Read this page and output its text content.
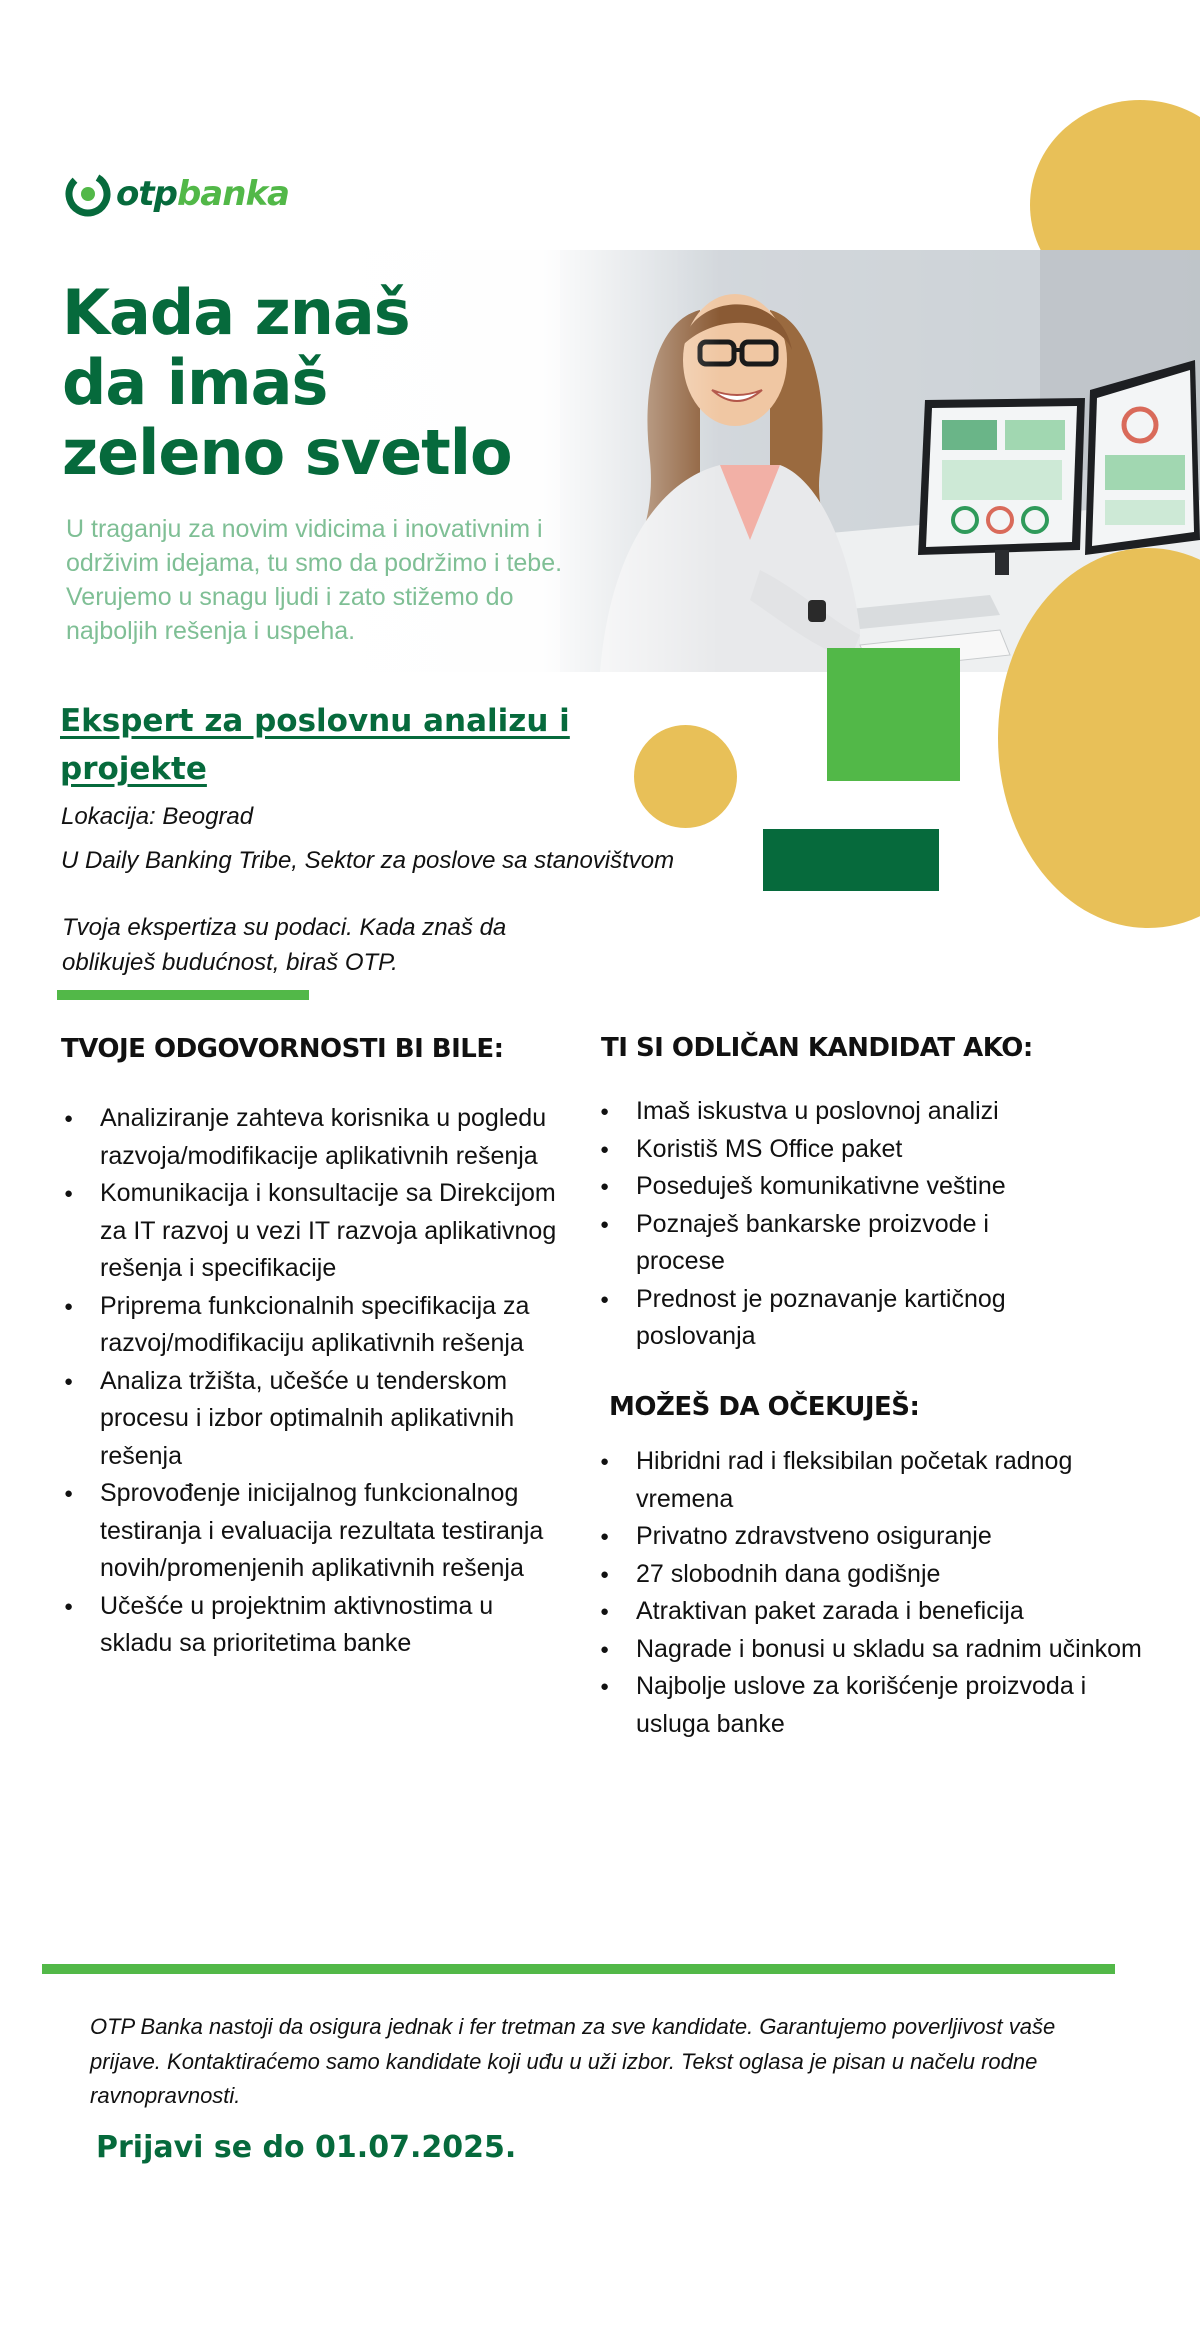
otpbanka
Kada znaš
da imaš
zeleno svetlo
U traganju za novim vidicima i inovativnim i održivim idejama, tu smo da podržimo i tebe. Verujemo u snagu ljudi i zato stižemo do najboljih rešenja i uspeha.
Ekspert za poslovnu analizu i projekte
Lokacija: Beograd
U Daily Banking Tribe, Sektor za poslove sa stanovištvom
Tvoja ekspertiza su podaci. Kada znaš da oblikuješ budućnost, biraš OTP.
TVOJE ODGOVORNOSTI BI BILE:
● Analiziranje zahteva korisnika u pogledu razvoja/modifikacije aplikativnih rešenja
● Komunikacija i konsultacije sa Direkcijom za IT razvoj u vezi IT razvoja aplikativnog rešenja i specifikacije
● Priprema funkcionalnih specifikacija za razvoj/modifikaciju aplikativnih rešenja
● Analiza tržišta, učešće u tenderskom procesu i izbor optimalnih aplikativnih rešenja
● Sprovođenje inicijalnog funkcionalnog testiranja i evaluacija rezultata testiranja novih/promenjenih aplikativnih rešenja
● Učešće u projektnim aktivnostima u skladu sa prioritetima banke
TI SI ODLIČAN KANDIDAT AKO:
● Imaš iskustva u poslovnoj analizi
● Koristiš MS Office paket
● Poseduješ komunikativne veštine
● Poznaješ bankarske proizvode i procese
● Prednost je poznavanje kartičnog poslovanja
MOŽEŠ DA OČEKUJEŠ:
● Hibridni rad i fleksibilan početak radnog vremena
● Privatno zdravstveno osiguranje
● 27 slobodnih dana godišnje
● Atraktivan paket zarada i beneficija
● Nagrade i bonusi u skladu sa radnim učinkom
● Najbolje uslove za korišćenje proizvoda i usluga banke
OTP Banka nastoji da osigura jednak i fer tretman za sve kandidate. Garantujemo poverljivost vaše prijave. Kontaktiraćemo samo kandidate koji uđu u uži izbor. Tekst oglasa je pisan u načelu rodne ravnopravnosti.
Prijavi se do 01.07.2025.
